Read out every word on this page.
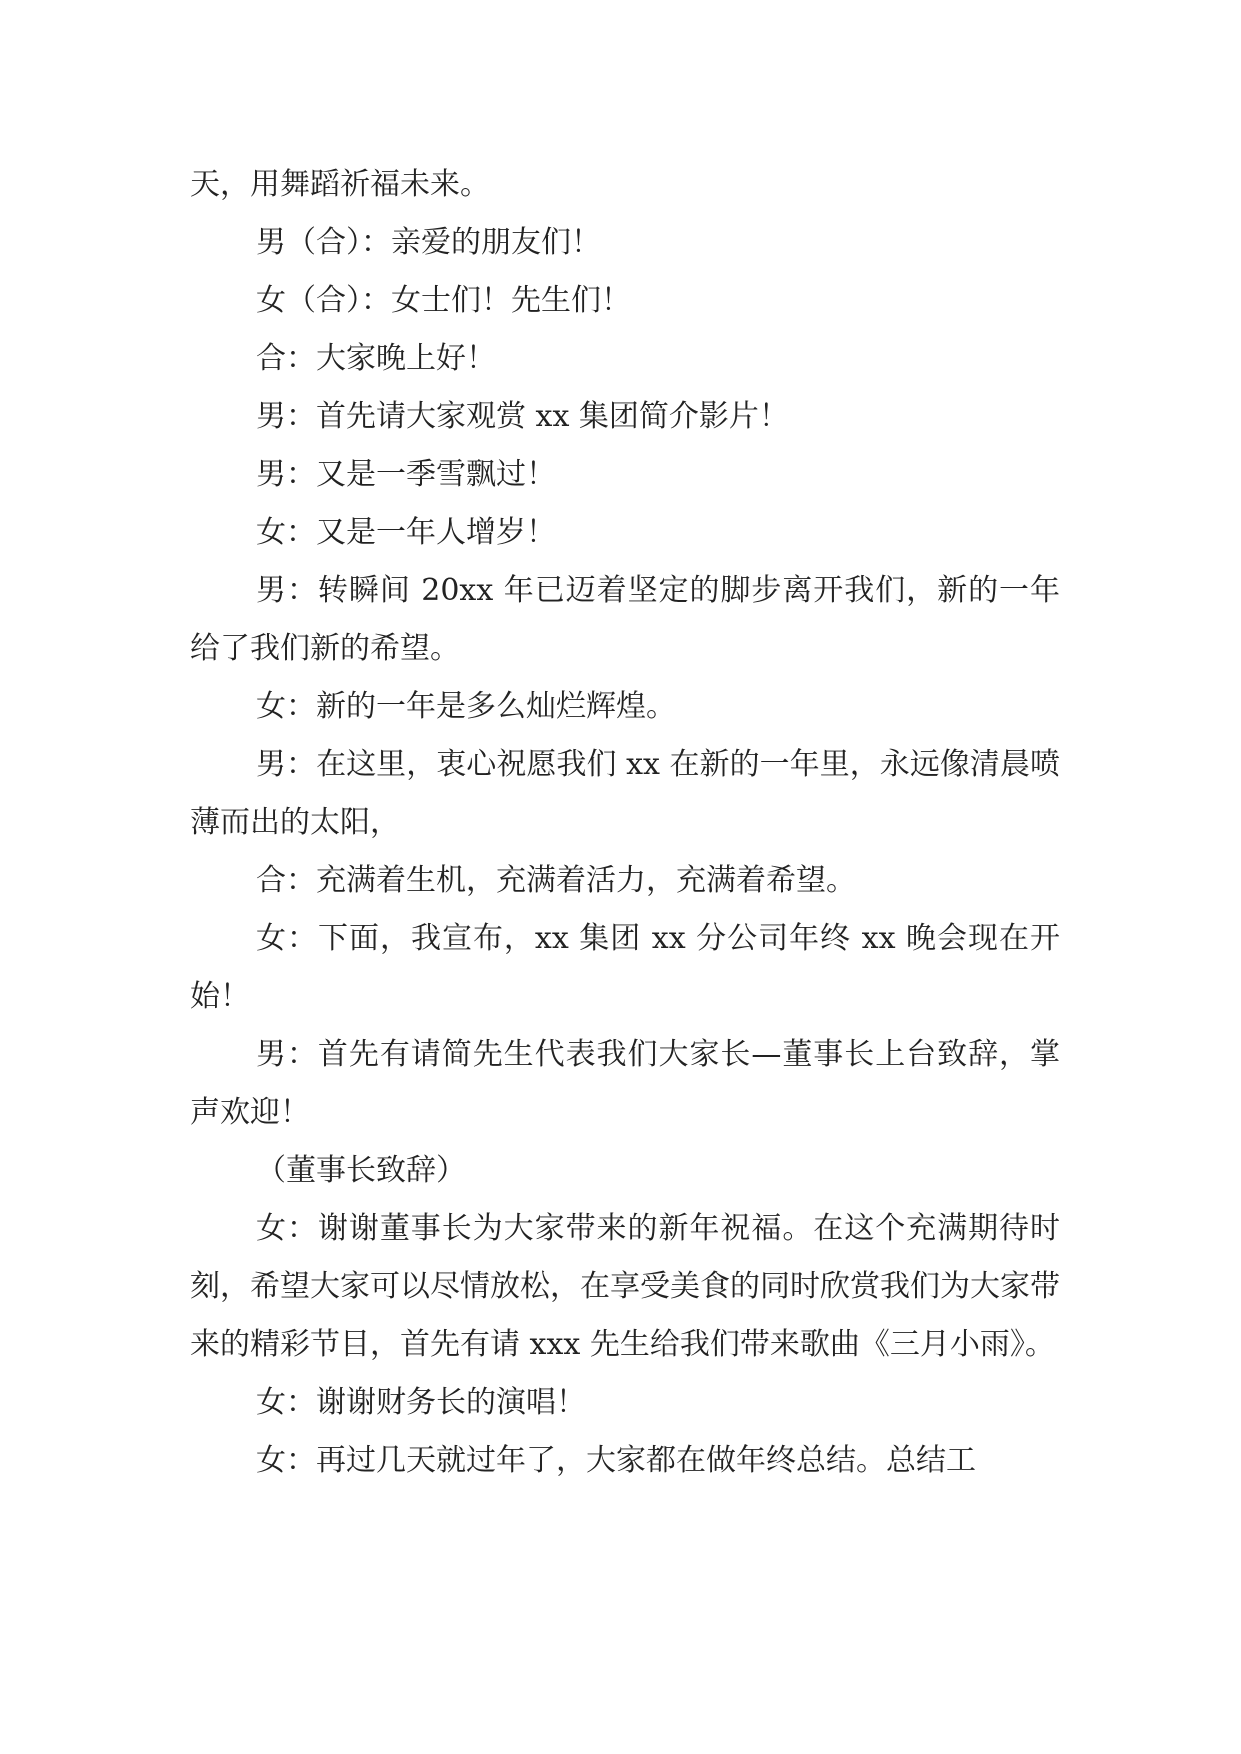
天，用舞蹈祈福未来。

男（合）：亲爱的朋友们！

女（合）：女士们！先生们！

合：大家晚上好！

男：首先请大家观赏 xx 集团简介影片！

男：又是一季雪飘过！

女：又是一年人增岁！

男：转瞬间 20xx 年已迈着坚定的脚步离开我们，新的一年给了我们新的希望。

女：新的一年是多么灿烂辉煌。

男：在这里，衷心祝愿我们 xx 在新的一年里，永远像清晨喷薄而出的太阳，

合：充满着生机，充满着活力，充满着希望。

女：下面，我宣布，xx 集团 xx 分公司年终 xx 晚会现在开始！

男：首先有请简先生代表我们大家长—董事长上台致辞，掌声欢迎！

（董事长致辞）

女：谢谢董事长为大家带来的新年祝福。在这个充满期待时刻，希望大家可以尽情放松，在享受美食的同时欣赏我们为大家带来的精彩节目，首先有请 xxx 先生给我们带来歌曲《三月小雨》。

女：谢谢财务长的演唱！

女：再过几天就过年了，大家都在做年终总结。总结工
